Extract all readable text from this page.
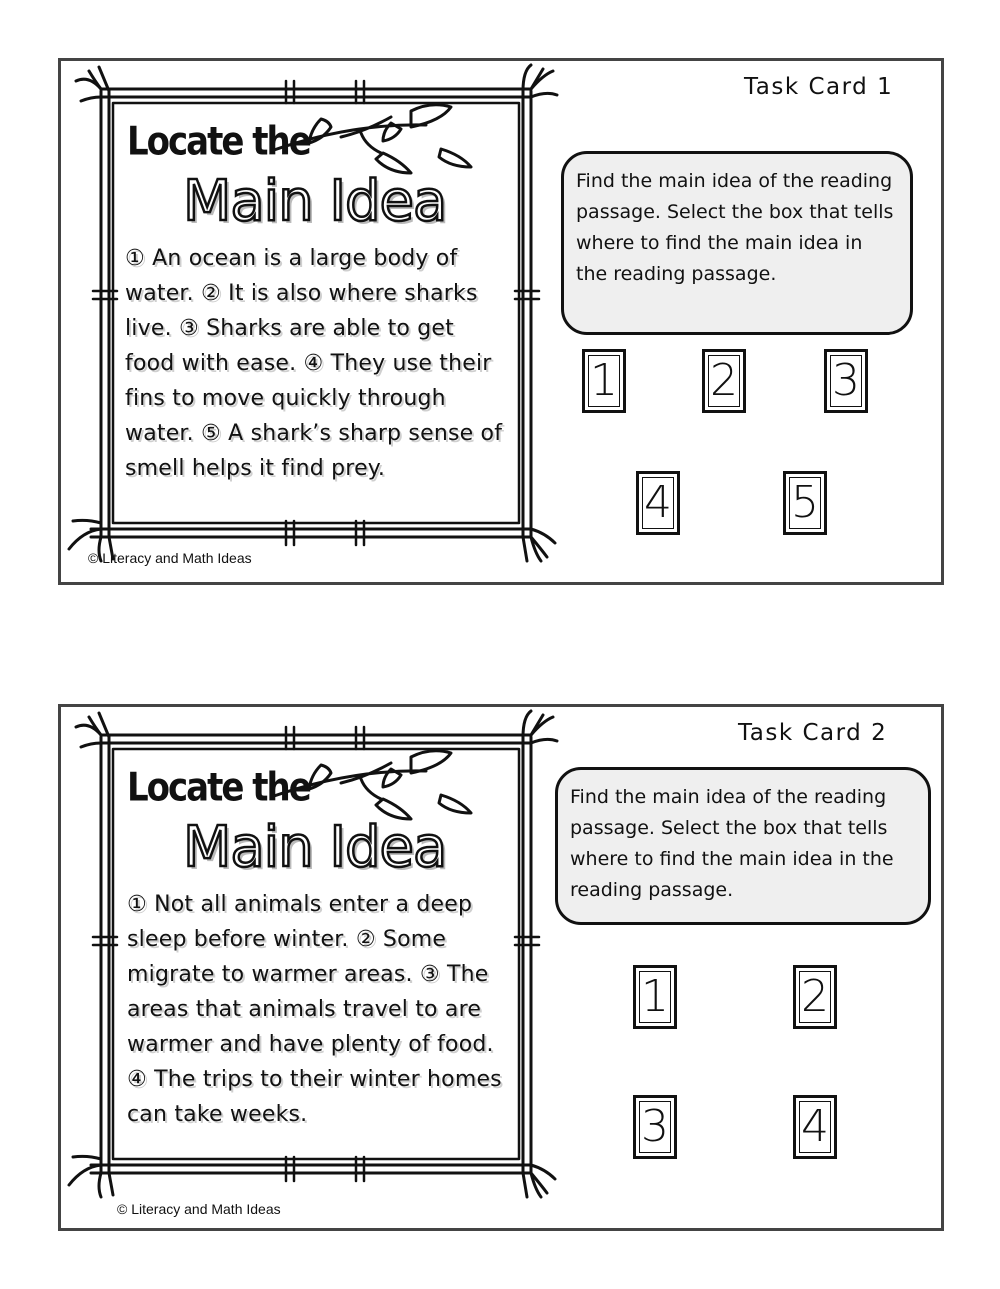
Locate the
Main Idea
① An ocean is a large body of water. ② It is also where sharks live. ③ Sharks are able to get food with ease. ④ They use their fins to move quickly through water. ⑤ A shark’s sharp sense of smell helps it find prey.
Task Card 1
Find the main idea of the reading passage. Select the box that tells where to find the main idea in the reading passage.
1 2 3
4	5
© Literacy and Math Ideas
Locate the
Main Idea
① Not all animals enter a deep sleep before winter. ② Some migrate to warmer areas. ③ The areas that animals travel to are warmer and have plenty of food. ④ The trips to their winter homes can take weeks.
Task Card 2
Find the main idea of the reading passage. Select the box that tells where to find the main idea in the reading passage.
1	2
3	4
© Literacy and Math Ideas
